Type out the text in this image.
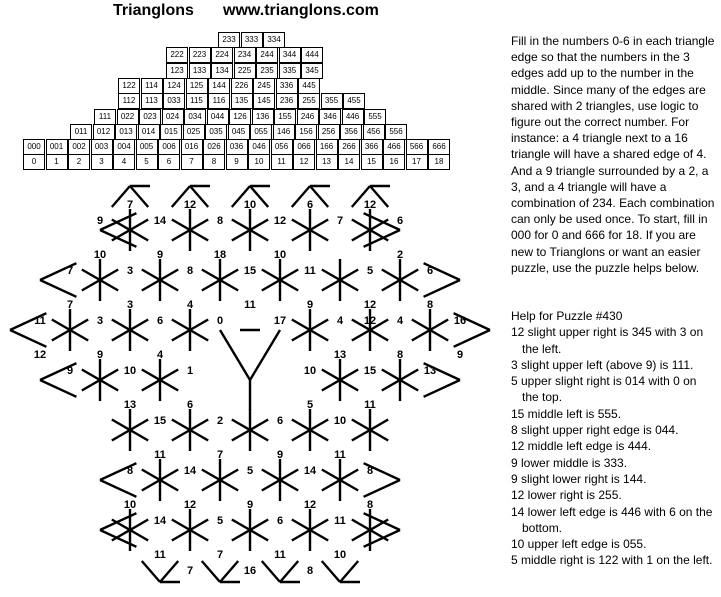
Trianglons www.trianglons.com
233	333	334
222	223	224	234	244	344	444
123	133	134	225	235	335	345
122	114	124	125	144	226	245	336	445
112	113	033	115	116	135	145	236	255	355	455
111	022	023	024	034	044	126	136	155	246	346	446	555
011	012	013	014	015	025	035	045	055	146	156	256	356	456	556
000	001	002	003	004	005	006	016	026	036	046	056	066	166	266	366	466	566	666
0	1	2	3	4	5	6	7	8	9	10	11	12	13	14	15	16	17	18
7	12	10	6	12
9	14	8	12	7	6
10	9	18	10	2
7	3	8	15	11	5	6
7	3	4	11	9	12	8
11	3	6	0	17	4 12 4	16
12	9	4	13	8	9
9	10	1	10	15	13
13	6	5	11
15	2	6	10
11	7	9	11
8	14	5	14	8
10	12	9	12	8
14	5	6	11
11	7	11	10
7	16	8
Fill in the numbers 0-6 in each triangle edge so that the numbers in the 3 edges add up to the number in the middle. Since many of the edges are shared with 2 triangles, use logic to figure out the correct number. For instance: a 4 triangle next to a 16 triangle will have a shared edge of 4. And a 9 triangle surrounded by a 2, a 3, and a 4 triangle will have a combination of 234. Each combination can only be used once. To start, fill in 000 for 0 and 666 for 18. If you are new to Trianglons or want an easier puzzle, use the puzzle helps below.
Help for Puzzle #430
12 slight upper right is 345 with 3 on the left.
3 slight upper left (above 9) is 111.
5 upper slight right is 014 with 0 on the top.
15 middle left is 555.
8 slight upper right edge is 044.
12 middle left edge is 444.
9 lower middle is 333.
9 slight lower right is 144.
12 lower right is 255.
14 lower left edge is 446 with 6 on the bottom.
10 upper left edge is 055.
5 middle right is 122 with 1 on the left.
